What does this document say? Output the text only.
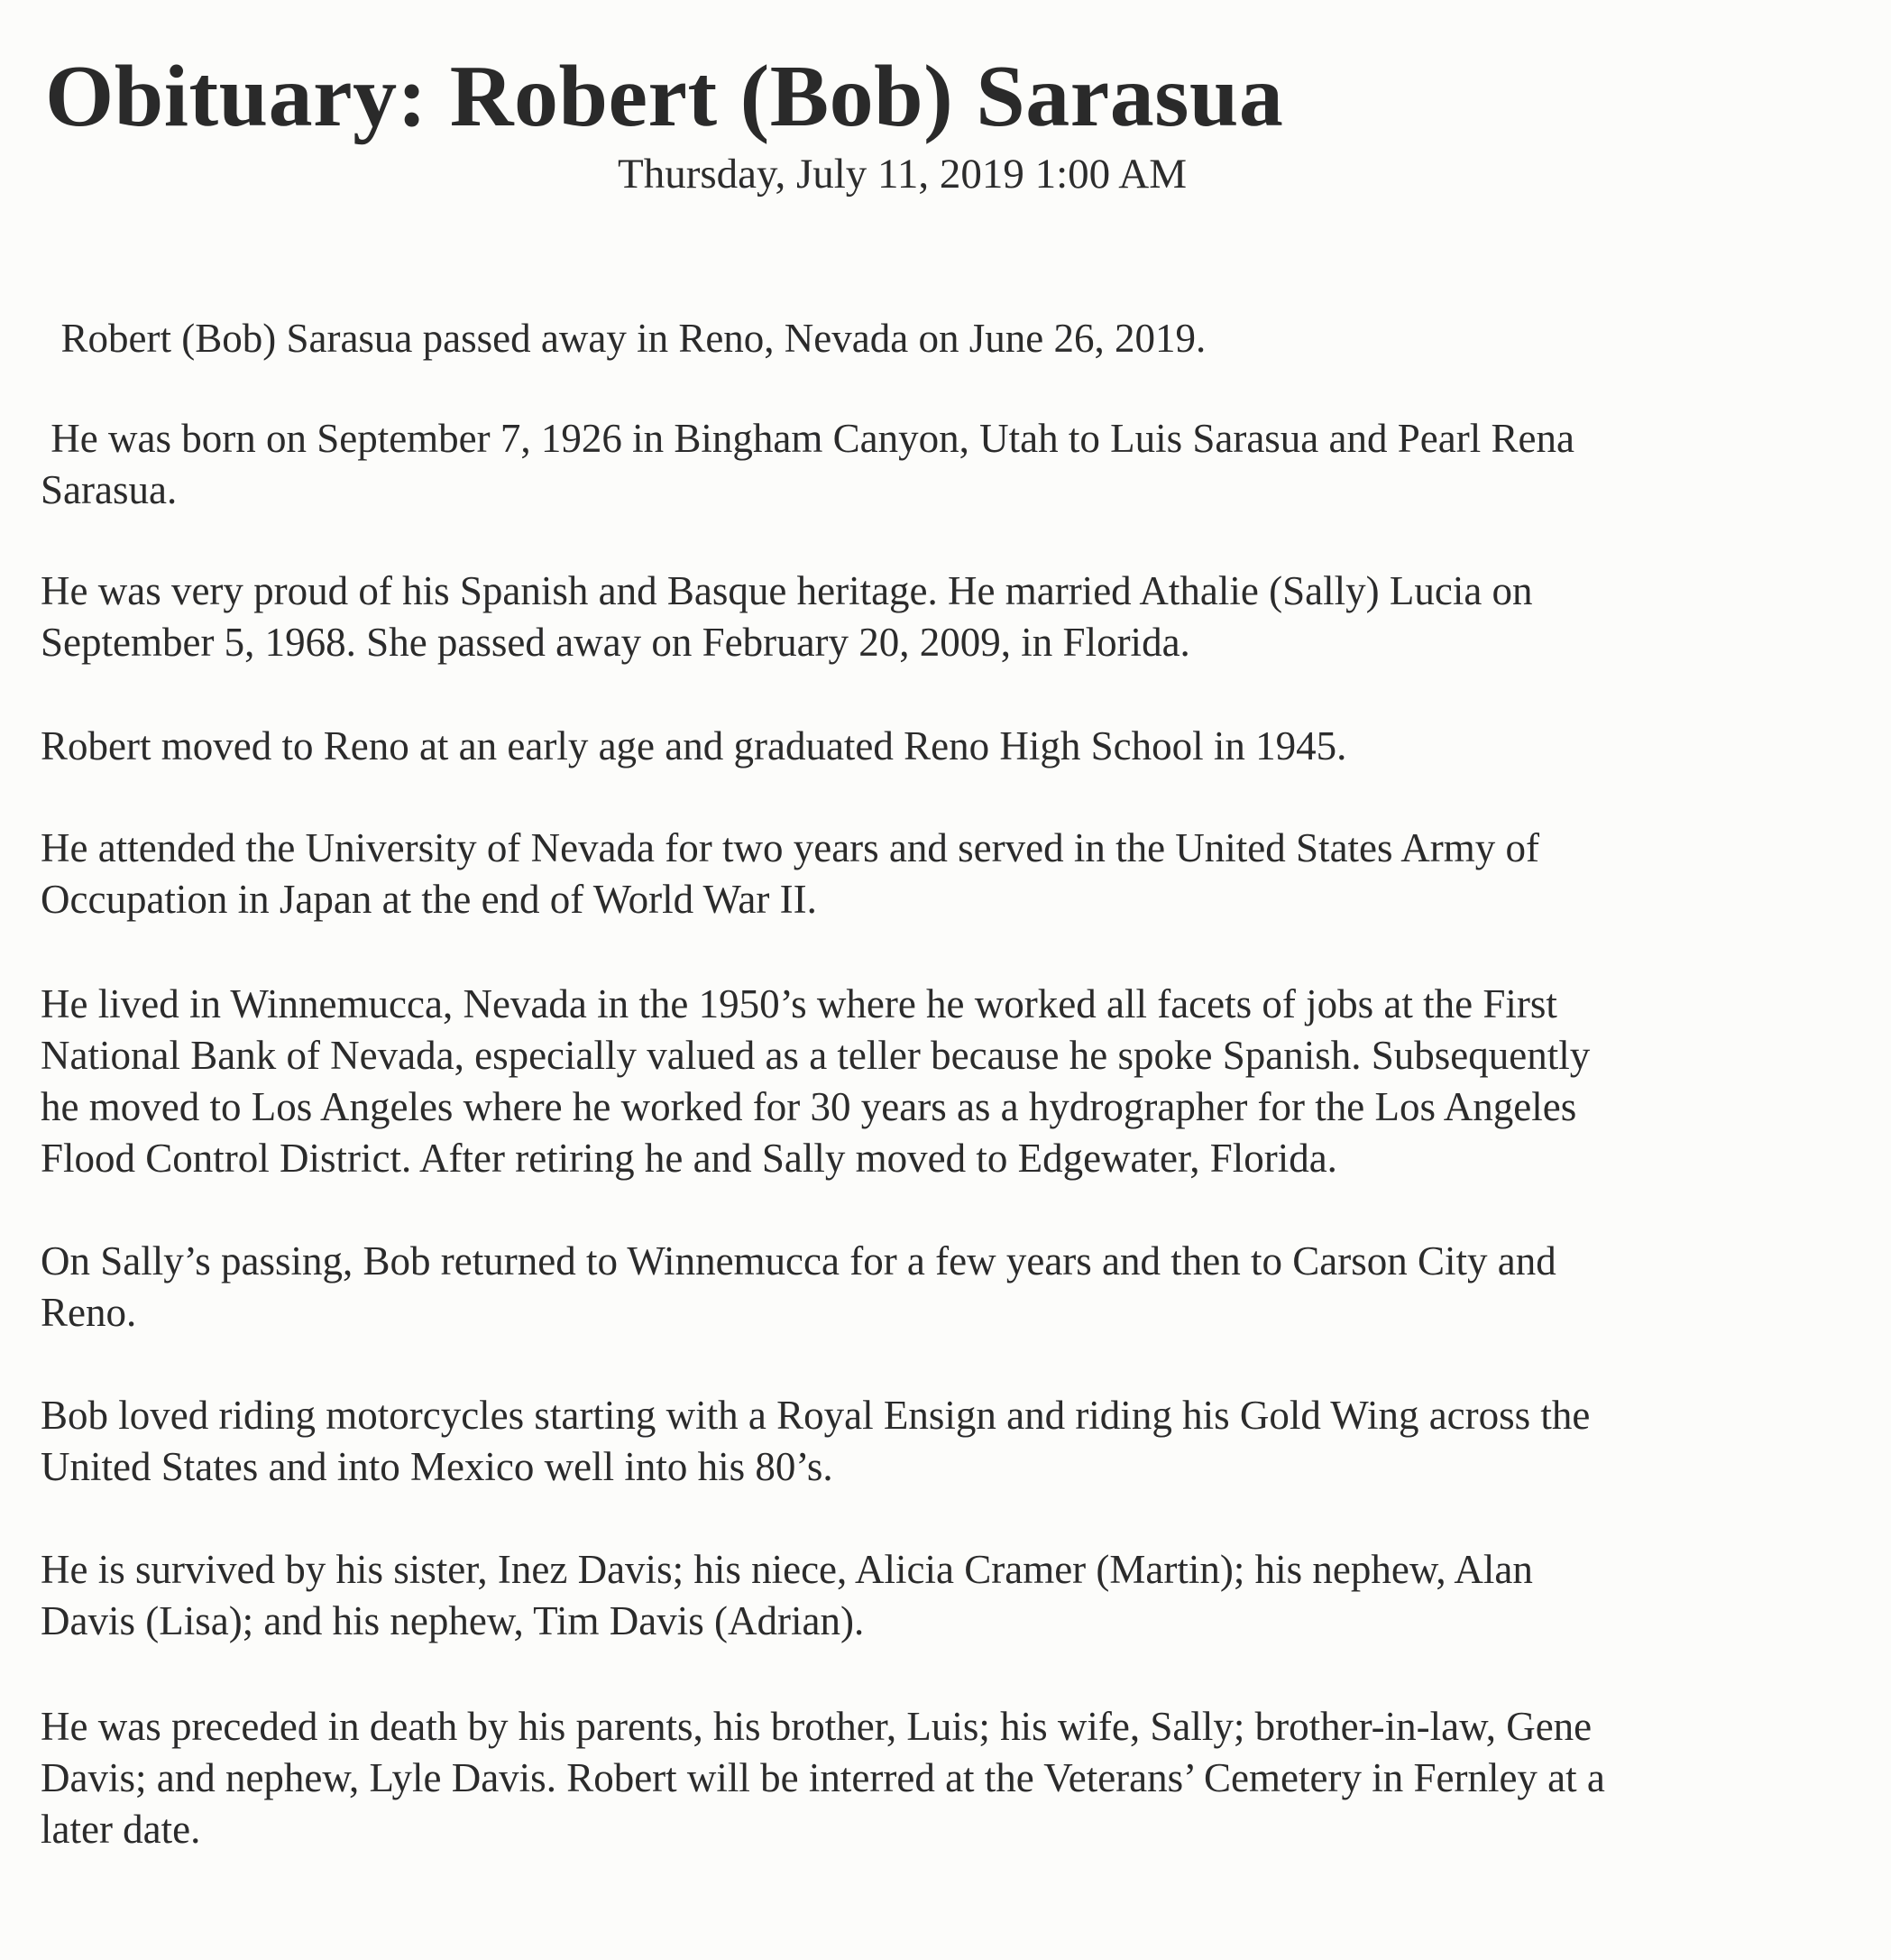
Obituary: Robert (Bob) Sarasua

Thursday, July 11, 2019 1:00 AM

Robert (Bob) Sarasua passed away in Reno, Nevada on June 26, 2019.

He was born on September 7, 1926 in Bingham Canyon, Utah to Luis Sarasua and Pearl Rena
Sarasua.

He was very proud of his Spanish and Basque heritage. He married Athalie (Sally) Lucia on
September 5, 1968. She passed away on February 20, 2009, in Florida.

Robert moved to Reno at an early age and graduated Reno High School in 1945.

He attended the University of Nevada for two years and served in the United States Army of
Occupation in Japan at the end of World War II.

He lived in Winnemucca, Nevada in the 1950’s where he worked all facets of jobs at the First
National Bank of Nevada, especially valued as a teller because he spoke Spanish. Subsequently
he moved to Los Angeles where he worked for 30 years as a hydrographer for the Los Angeles
Flood Control District. After retiring he and Sally moved to Edgewater, Florida.

On Sally’s passing, Bob returned to Winnemucca for a few years and then to Carson City and
Reno.

Bob loved riding motorcycles starting with a Royal Ensign and riding his Gold Wing across the
United States and into Mexico well into his 80’s.

He is survived by his sister, Inez Davis; his niece, Alicia Cramer (Martin); his nephew, Alan
Davis (Lisa); and his nephew, Tim Davis (Adrian).

He was preceded in death by his parents, his brother, Luis; his wife, Sally; brother-in-law, Gene
Davis; and nephew, Lyle Davis. Robert will be interred at the Veterans’ Cemetery in Fernley at a
later date.
